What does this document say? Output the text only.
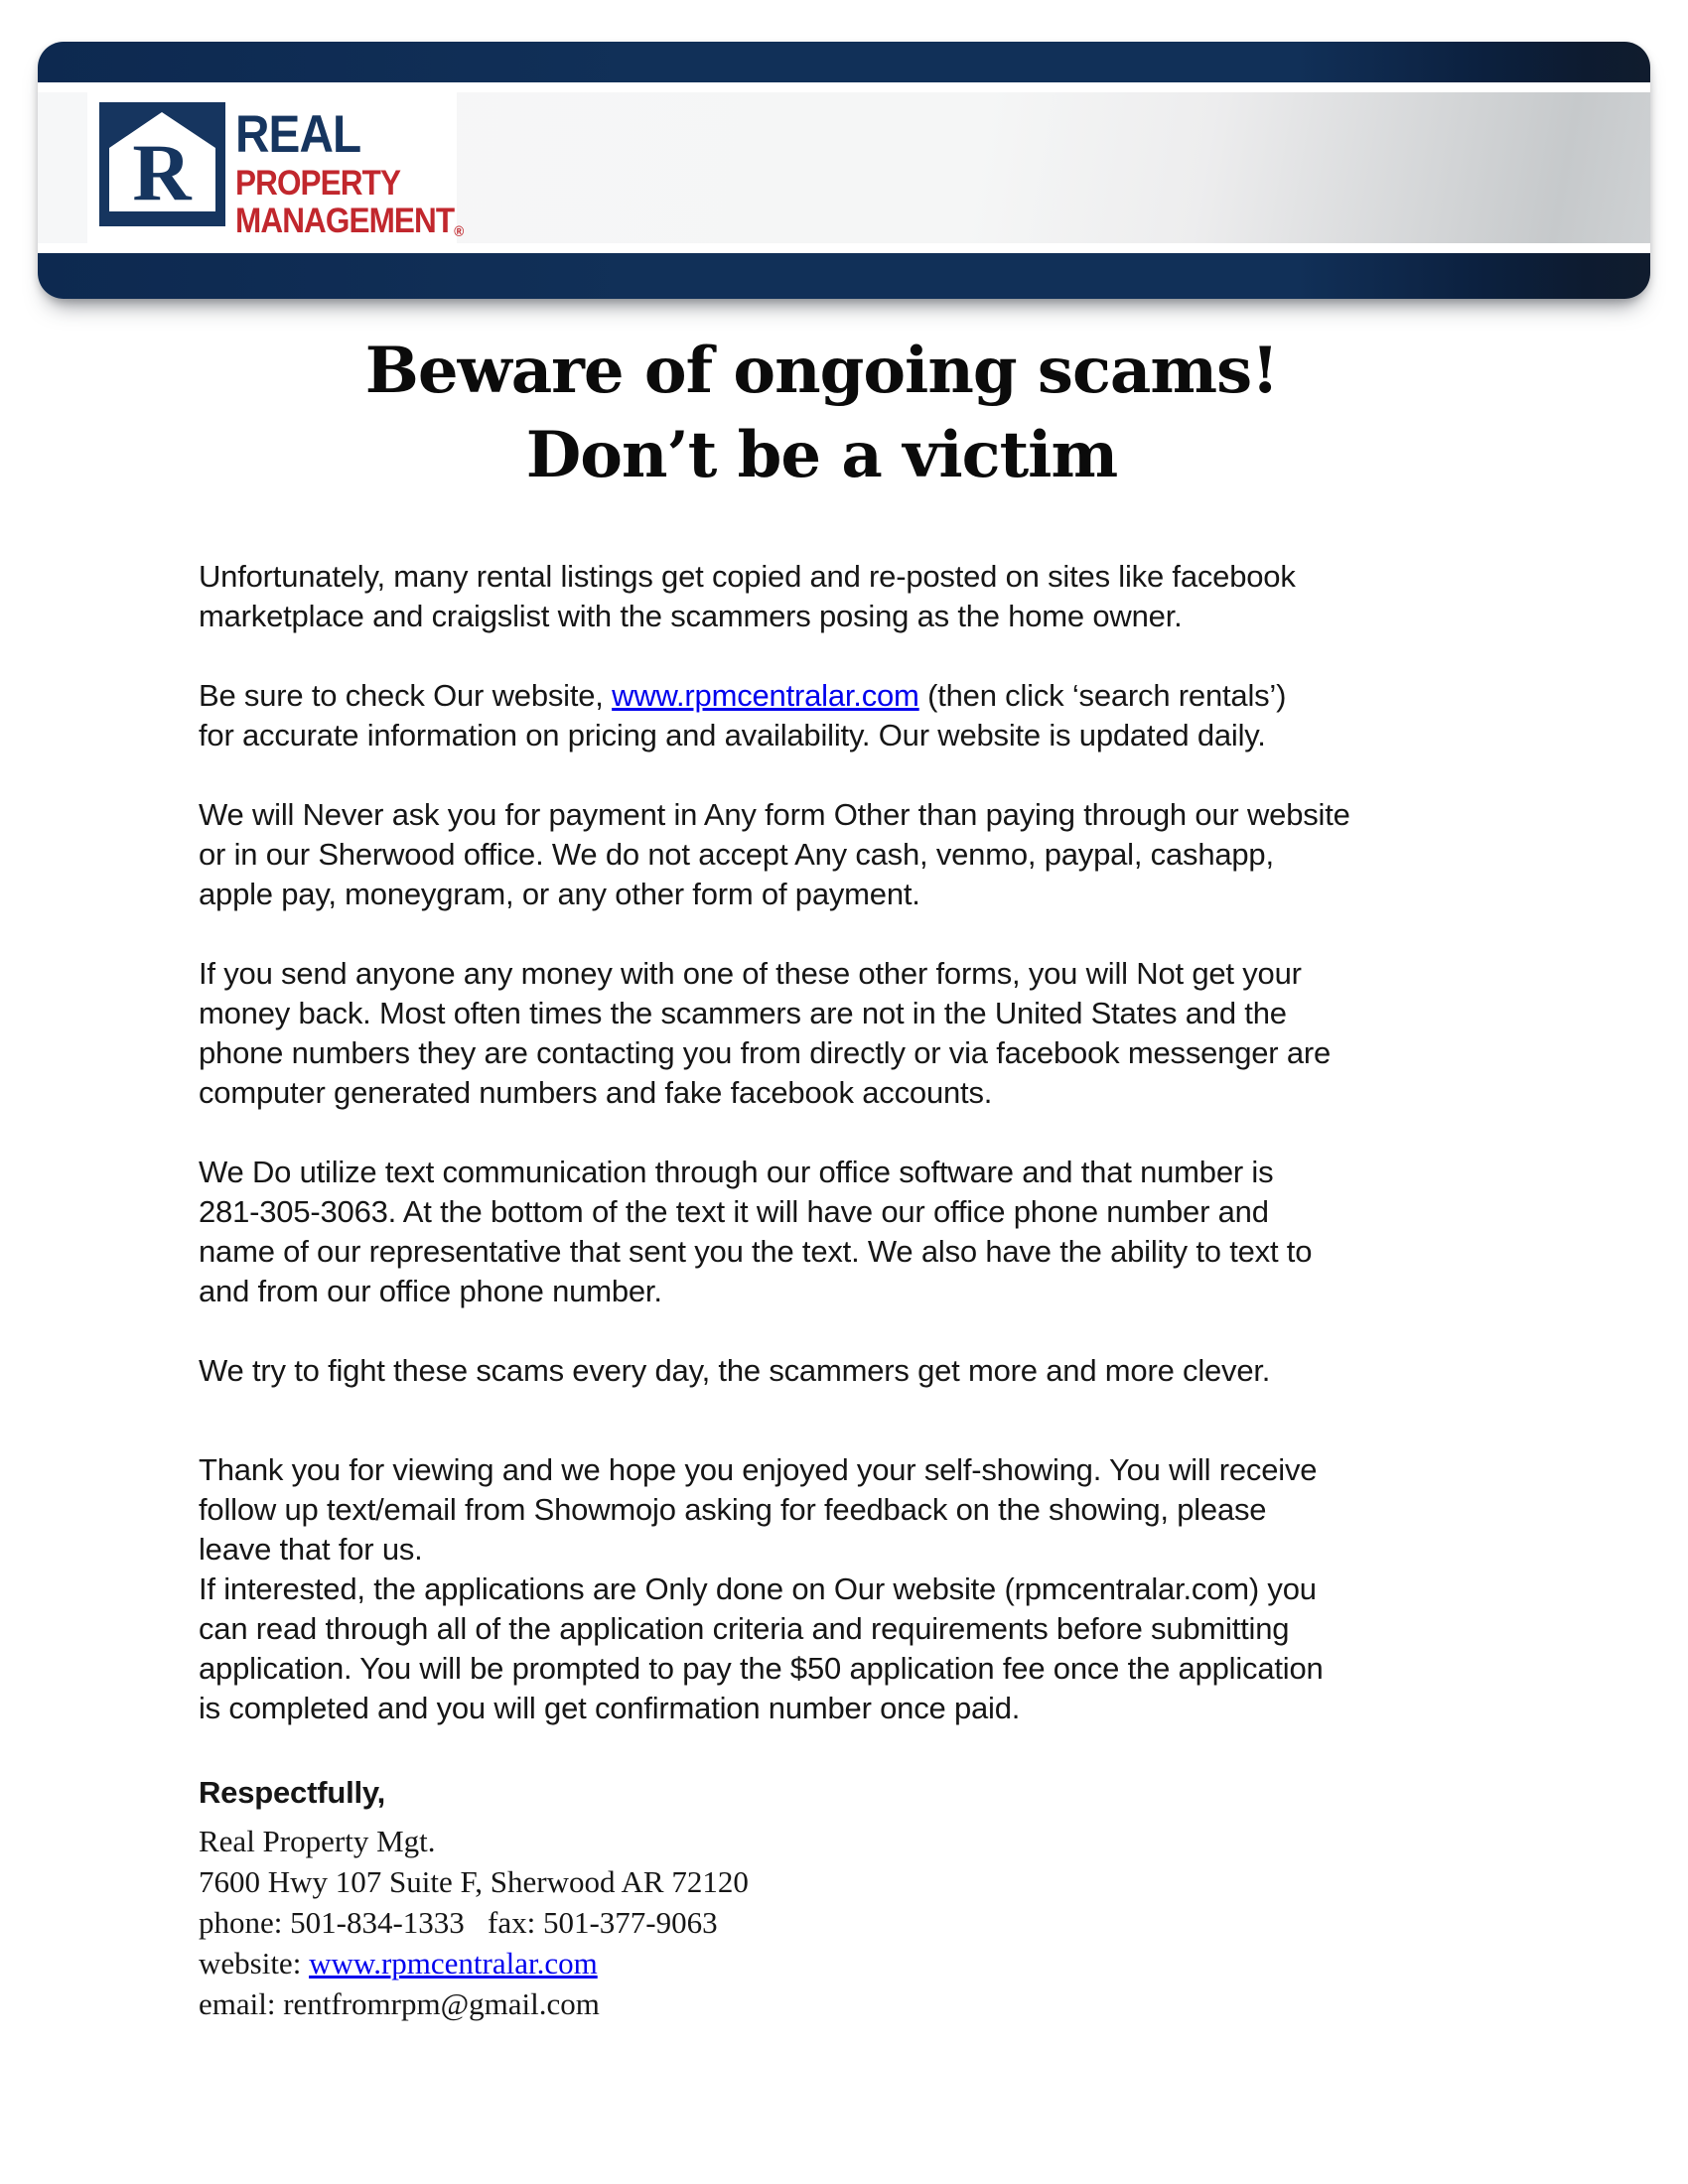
R REAL
PROPERTY
MANAGEMENT®
Beware of ongoing scams!
Don’t be a victim
Unfortunately, many rental listings get copied and re-posted on sites like facebook
marketplace and craigslist with the scammers posing as the home owner.
Be sure to check Our website, www.rpmcentralar.com (then click ‘search rentals’)
for accurate information on pricing and availability. Our website is updated daily.
We will Never ask you for payment in Any form Other than paying through our website
or in our Sherwood office. We do not accept Any cash, venmo, paypal, cashapp,
apple pay, moneygram, or any other form of payment.
If you send anyone any money with one of these other forms, you will Not get your
money back. Most often times the scammers are not in the United States and the
phone numbers they are contacting you from directly or via facebook messenger are
computer generated numbers and fake facebook accounts.
We Do utilize text communication through our office software and that number is
281-305-3063. At the bottom of the text it will have our office phone number and
name of our representative that sent you the text. We also have the ability to text to
and from our office phone number.
We try to fight these scams every day, the scammers get more and more clever.
Thank you for viewing and we hope you enjoyed your self-showing. You will receive
follow up text/email from Showmojo asking for feedback on the showing, please
leave that for us.
If interested, the applications are Only done on Our website (rpmcentralar.com) you
can read through all of the application criteria and requirements before submitting
application. You will be prompted to pay the $50 application fee once the application
is completed and you will get confirmation number once paid.
Respectfully,
Real Property Mgt.
7600 Hwy 107 Suite F, Sherwood AR 72120
phone: 501-834-1333   fax: 501-377-9063
website: www.rpmcentralar.com
email: rentfromrpm@gmail.com
